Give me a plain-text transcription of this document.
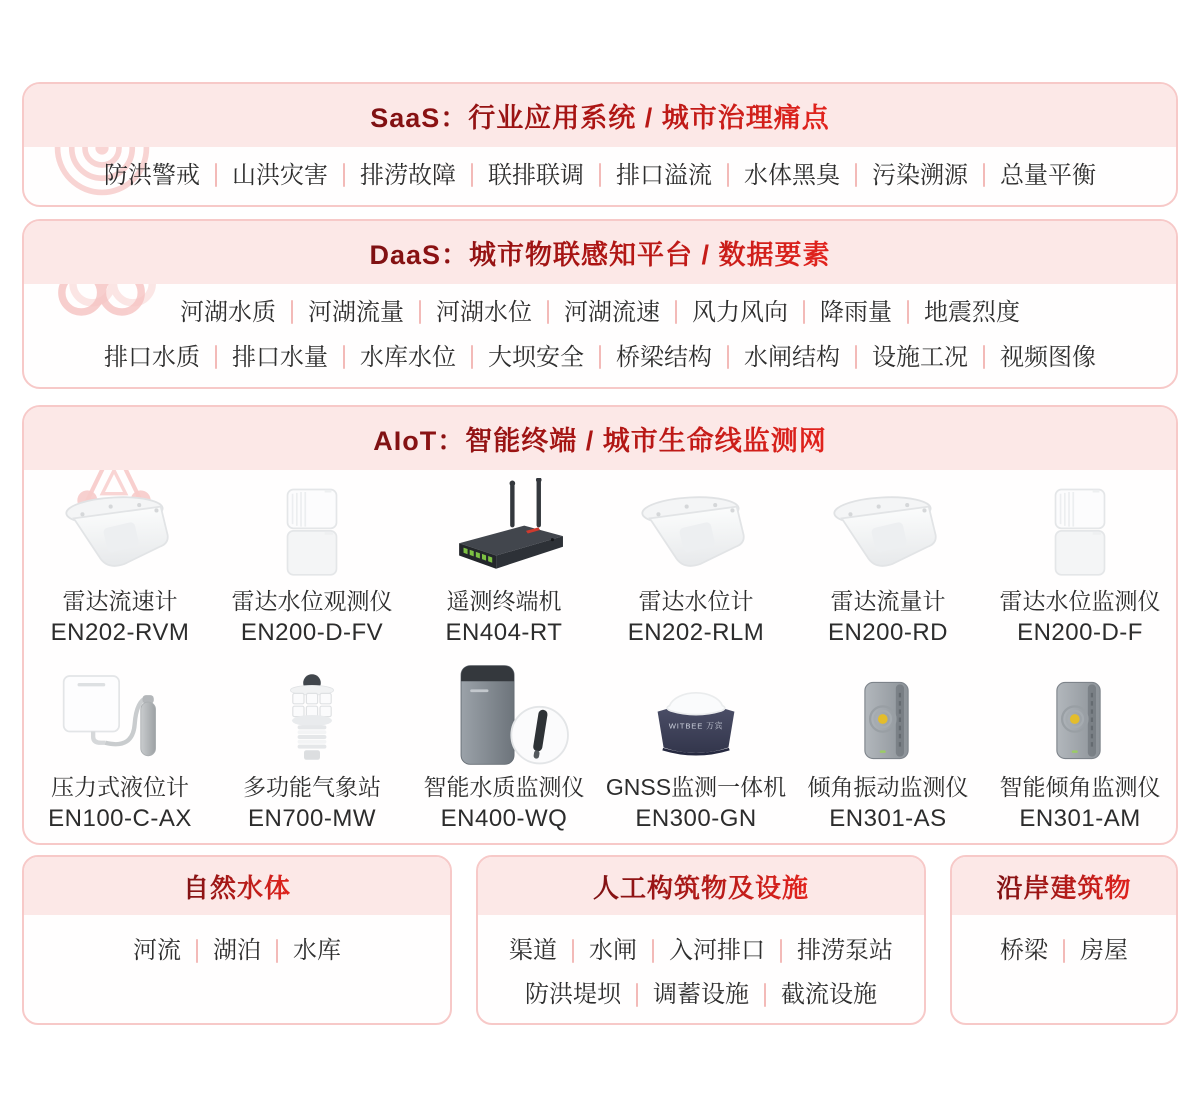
SaaS：行业应用系统 / 城市治理痛点
防洪警戒 山洪灾害 排涝故障 联排联调 排口溢流 水体黑臭 污染溯源 总量平衡
DaaS：城市物联感知平台 / 数据要素
河湖水质 河湖流量 河湖水位 河湖流速 风力风向 降雨量 地震烈度
排口水质 排口水量 水库水位 大坝安全 桥梁结构 水闸结构 设施工况 视频图像
AIoT：智能终端 / 城市生命线监测网
雷达流速计
EN202-RVM
雷达水位观测仪
EN200-D-FV
遥测终端机
EN404-RT
雷达水位计
EN202-RLM
雷达流量计
EN200-RD
雷达水位监测仪
EN200-D-F
压力式液位计
EN100-C-AX
多功能气象站
EN700-MW
智能水质监测仪
EN400-WQ
WITBEE 万宾
GNSS监测一体机
EN300-GN
倾角振动监测仪
EN301-AS
智能倾角监测仪
EN301-AM
自然水体
河流 湖泊 水库
人工构筑物及设施
渠道 水闸 入河排口 排涝泵站
防洪堤坝 调蓄设施 截流设施
沿岸建筑物
桥梁 房屋
